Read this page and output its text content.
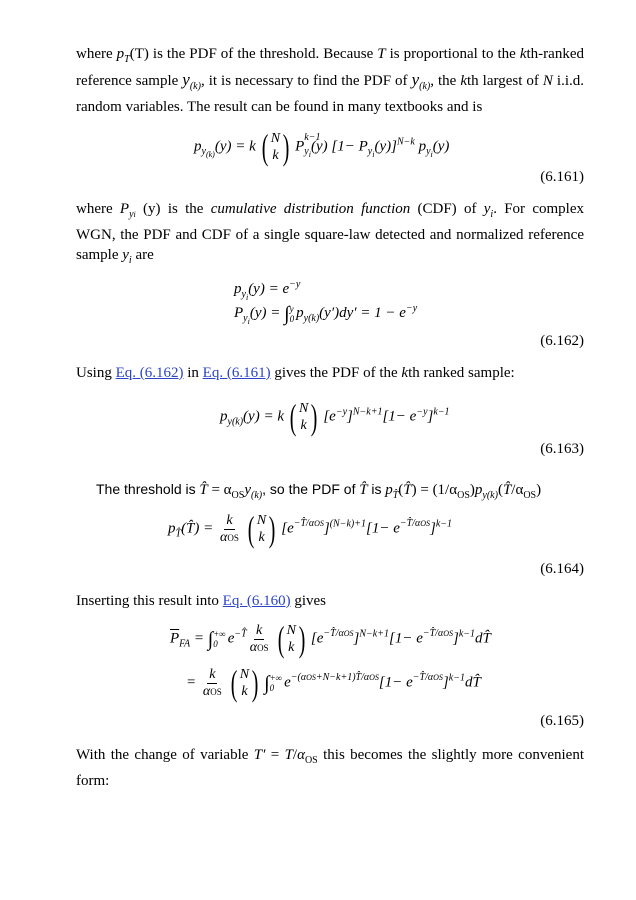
where $p_T(T)$ is the PDF of the threshold. Because T is proportional to the kth-ranked reference sample $y_{(k)}$, it is necessary to find the PDF of $y_{(k)}$, the kth largest of N i.i.d. random variables. The result can be found in many textbooks and is

$p_{y_{(k)}}(y) = k$ ( N
k ) P
$_{k-1 y_i}$(y) $[1- P_{y_i}(y)]^{N-k}$ $p_{y_i}(y)$
(6.161)

where $P_{yi}$ (y) is the cumulative distribution function (CDF) of $y_i$. For complex WGN, the PDF and CDF of a single square-law detected and normalized reference sample $y_i$ are

$p_{y_i}(y) = e^{-y}$
$P_{y_i}(y)$ = ∫ y
0 $p_{y(k)}(y')dy' = 1 - e^{-y}$
(6.162)

Using Eq. (6.162) in Eq. (6.161) gives the PDF of the kth ranked sample:

$p_{y(k)}(y) = k$ ( N
k ) $[e^{-y}]^{N-k+1}[1- e^{-y}]^{k-1}$
(6.163)
The threshold is T̂ = $\alpha_{OS}y_{(k)}$, so the PDF of T̂ is $p_{T̂}(T̂)$ = $(1/\alpha_{OS})p_{y(k)}(T̂/\alpha_{OS})$
$p_{T̂}(T̂) = \frac{k}{\text{αOS}}$ ( N
k ) $[e^{-T̂/\alpha OS}]^{(N-k)+1}[1- e^{-T̂/\alpha OS}]^{k-1}$
(6.164)

Inserting this result into Eq. (6.160) gives

$\overline{P}_{FA}$ = ∫ +∞
0 $e^{-T̂} \frac{k}{\text{αOS}}$ ( N
k ) $[e^{-T̂/\alpha OS}]^{N-k+1}[1-$ $e^{-T̂/\alpha OS}]^{k-1}dT̂$
= $\frac{k}{\text{αOS}}$ ( N
k ) ∫ +∞
0 $e^{-(\alpha OS+N-k+1)T̂/\alpha OS}[1-$ $e^{-T̂/\alpha OS}]^{k-1}dT̂$
(6.165)

With the change of variable $T' = T/\alpha_{OS}$ this becomes the slightly more convenient form:
